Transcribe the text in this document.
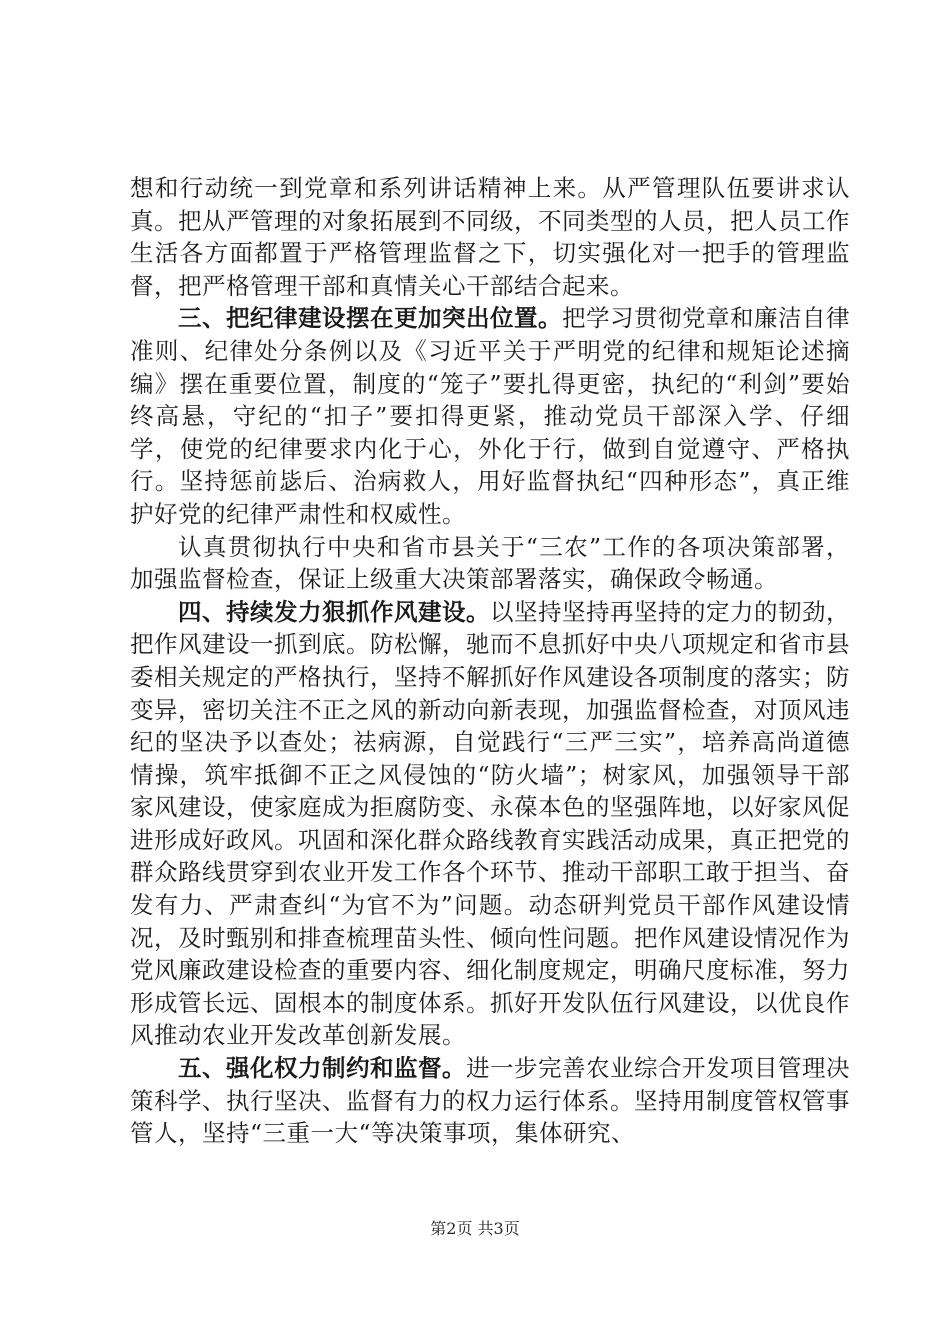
想和行动统一到党章和系列讲话精神上来。从严管理队伍要讲求认真。把从严管理的对象拓展到不同级，不同类型的人员，把人员工作生活各方面都置于严格管理监督之下，切实强化对一把手的管理监督，把严格管理干部和真情关心干部结合起来。

三、把纪律建设摆在更加突出位置。把学习贯彻党章和廉洁自律准则、纪律处分条例以及《习近平关于严明党的纪律和规矩论述摘编》摆在重要位置，制度的“笼子”要扎得更密，执纪的“利剑”要始终高悬，守纪的“扣子”要扣得更紧，推动党员干部深入学、仔细学，使党的纪律要求内化于心，外化于行，做到自觉遵守、严格执行。坚持惩前毖后、治病救人，用好监督执纪“四种形态”，真正维护好党的纪律严肃性和权威性。

认真贯彻执行中央和省市县关于“三农”工作的各项决策部署，加强监督检查，保证上级重大决策部署落实，确保政令畅通。

四、持续发力狠抓作风建设。以坚持坚持再坚持的定力的韧劲，把作风建设一抓到底。防松懈，驰而不息抓好中央八项规定和省市县委相关规定的严格执行，坚持不解抓好作风建设各项制度的落实；防变异，密切关注不正之风的新动向新表现，加强监督检查，对顶风违纪的坚决予以查处；祛病源，自觉践行“三严三实”，培养高尚道德情操，筑牢抵御不正之风侵蚀的“防火墙”；树家风，加强领导干部家风建设，使家庭成为拒腐防变、永葆本色的坚强阵地，以好家风促进形成好政风。巩固和深化群众路线教育实践活动成果，真正把党的群众路线贯穿到农业开发工作各个环节、推动干部职工敢于担当、奋发有力、严肃查纠“为官不为”问题。动态研判党员干部作风建设情况，及时甄别和排查梳理苗头性、倾向性问题。把作风建设情况作为党风廉政建设检查的重要内容、细化制度规定，明确尺度标准，努力形成管长远、固根本的制度体系。抓好开发队伍行风建设，以优良作风推动农业开发改革创新发展。

五、强化权力制约和监督。进一步完善农业综合开发项目管理决策科学、执行坚决、监督有力的权力运行体系。坚持用制度管权管事管人，坚持“三重一大“等决策事项，集体研究、

第2页 共3页
